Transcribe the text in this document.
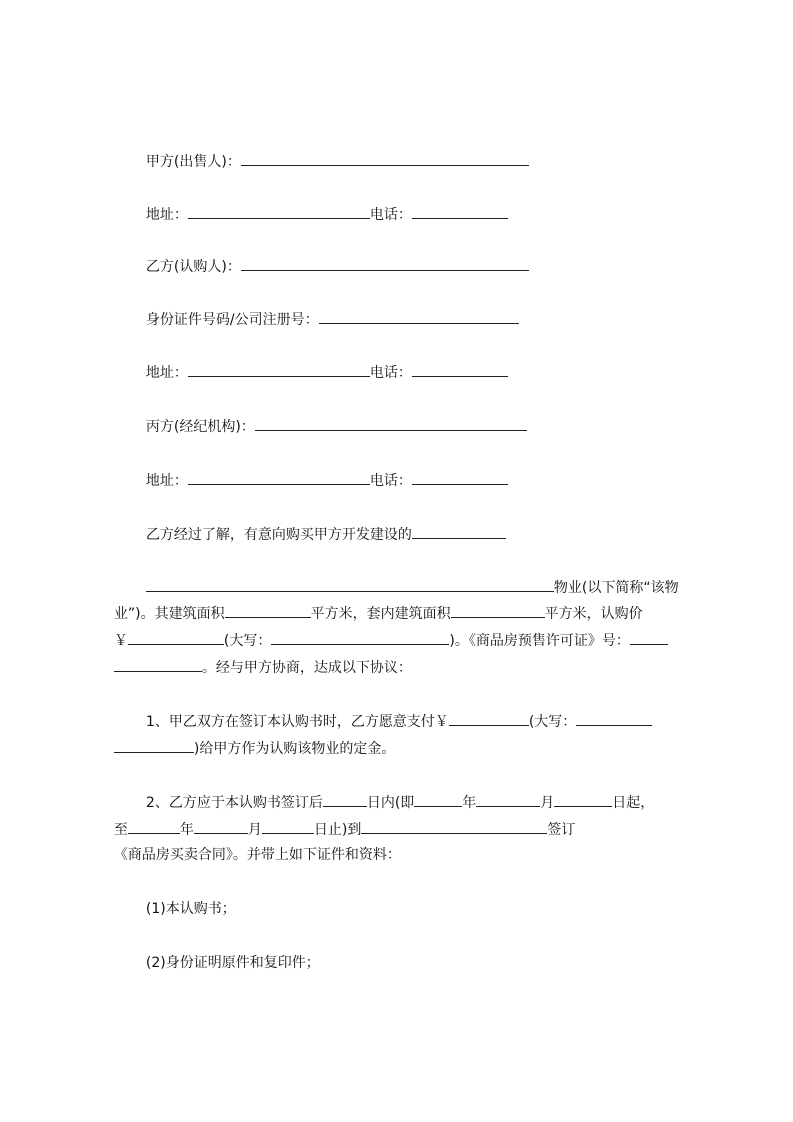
甲方(出售人)：

地址：	电话：

乙方(认购人)：

身份证件号码/公司注册号：

地址：	电话：

丙方(经纪机构)：

地址：	电话：

乙方经过了解，有意向购买甲方开发建设的

物业(以下简称“该物

业”)。其建筑面积	平方米，套内建筑面积	平方米，认购价

￥	(大写：	)。《商品房预售许可证》号：

。经与甲方协商，达成以下协议：

1、甲乙双方在签订本认购书时，乙方愿意支付￥	(大写：

)给甲方作为认购该物业的定金。

2、乙方应于本认购书签订后	日内(即	年	月	日起，

至	年	月	日止)到	签订

《商品房买卖合同》。并带上如下证件和资料：

(1)本认购书；

(2)身份证明原件和复印件；
